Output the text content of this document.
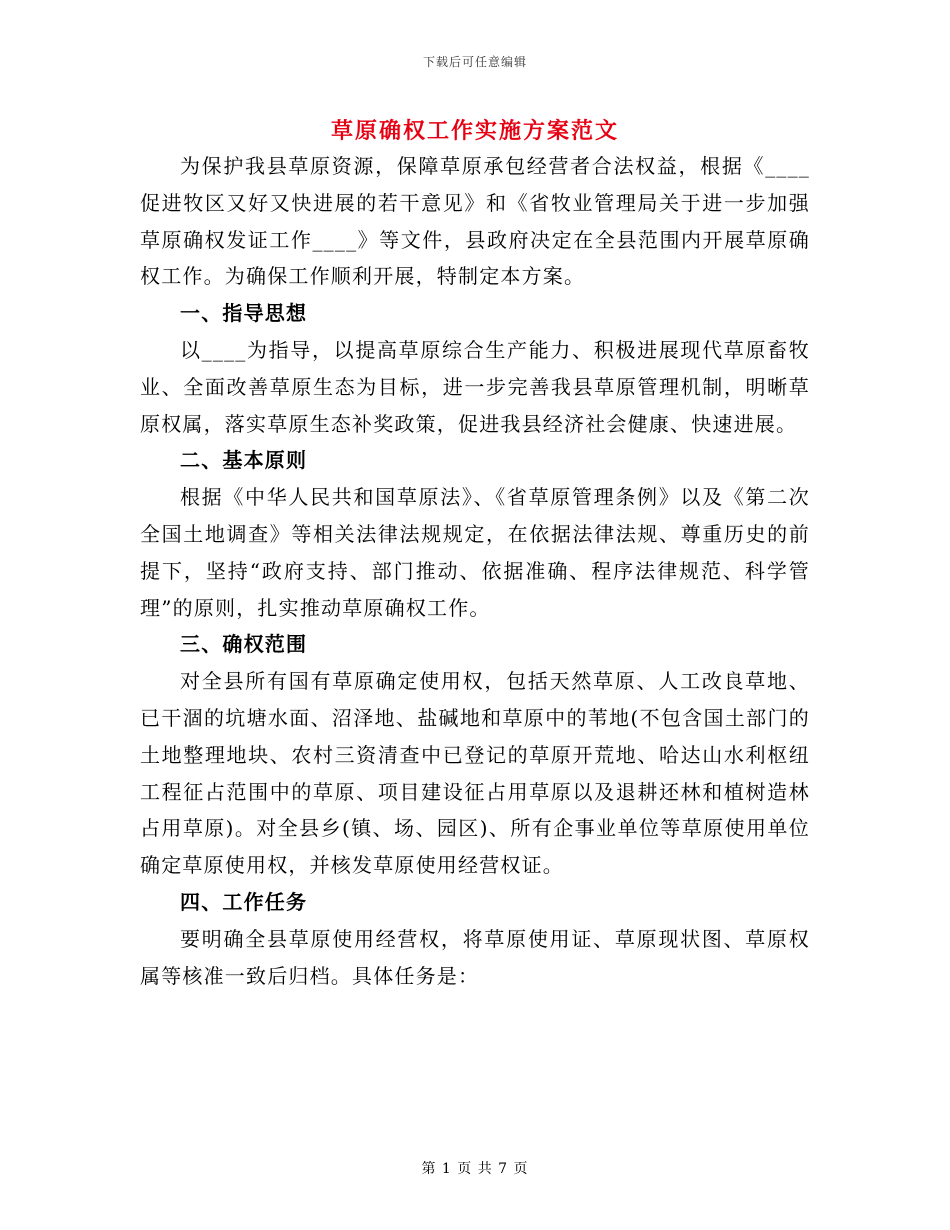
下载后可任意编辑
草原确权工作实施方案范文

为保护我县草原资源，保障草原承包经营者合法权益，根据《____促进牧区又好又快进展的若干意见》和《省牧业管理局关于进一步加强草原确权发证工作____》等文件，县政府决定在全县范围内开展草原确权工作。为确保工作顺利开展，特制定本方案。

一、指导思想

以____为指导，以提高草原综合生产能力、积极进展现代草原畜牧业、全面改善草原生态为目标，进一步完善我县草原管理机制，明晰草原权属，落实草原生态补奖政策，促进我县经济社会健康、快速进展。

二、基本原则

根据《中华人民共和国草原法》、《省草原管理条例》以及《第二次全国土地调查》等相关法律法规规定，在依据法律法规、尊重历史的前提下，坚持“政府支持、部门推动、依据准确、程序法律规范、科学管理”的原则，扎实推动草原确权工作。

三、确权范围

对全县所有国有草原确定使用权，包括天然草原、人工改良草地、已干涸的坑塘水面、沼泽地、盐碱地和草原中的苇地(不包含国土部门的土地整理地块、农村三资清查中已登记的草原开荒地、哈达山水利枢纽工程征占范围中的草原、项目建设征占用草原以及退耕还林和植树造林占用草原)。对全县乡(镇、场、园区)、所有企事业单位等草原使用单位确定草原使用权，并核发草原使用经营权证。

四、工作任务

要明确全县草原使用经营权，将草原使用证、草原现状图、草原权属等核准一致后归档。具体任务是：

第 1 页 共 7 页
